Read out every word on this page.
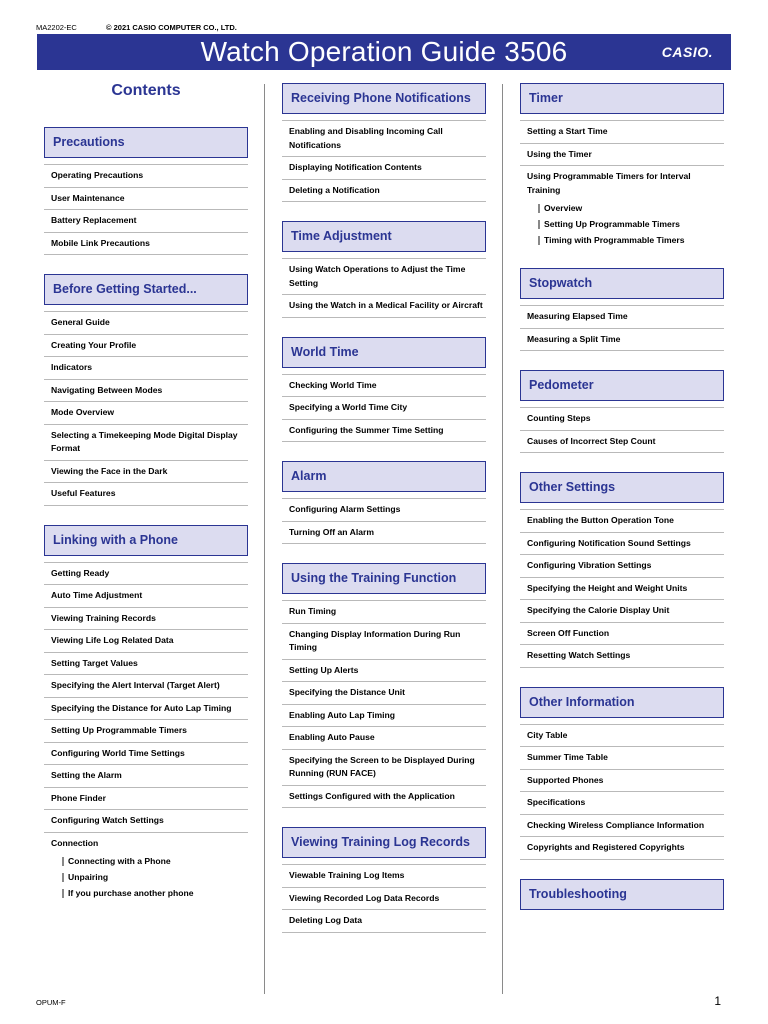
MA2202-EC	© 2021 CASIO COMPUTER CO., LTD.
Watch Operation Guide 3506	CASIO.
Contents
Precautions
Operating Precautions
User Maintenance
Battery Replacement
Mobile Link Precautions
Before Getting Started...
General Guide
Creating Your Profile
Indicators
Navigating Between Modes
Mode Overview
Selecting a Timekeeping Mode Digital Display Format
Viewing the Face in the Dark
Useful Features
Linking with a Phone
Getting Ready
Auto Time Adjustment
Viewing Training Records
Viewing Life Log Related Data
Setting Target Values
Specifying the Alert Interval (Target Alert)
Specifying the Distance for Auto Lap Timing
Setting Up Programmable Timers
Configuring World Time Settings
Setting the Alarm
Phone Finder
Configuring Watch Settings
Connection
Connecting with a Phone
Unpairing
If you purchase another phone
Receiving Phone Notifications
Enabling and Disabling Incoming Call Notifications
Displaying Notification Contents
Deleting a Notification
Time Adjustment
Using Watch Operations to Adjust the Time Setting
Using the Watch in a Medical Facility or Aircraft
World Time
Checking World Time
Specifying a World Time City
Configuring the Summer Time Setting
Alarm
Configuring Alarm Settings
Turning Off an Alarm
Using the Training Function
Run Timing
Changing Display Information During Run Timing
Setting Up Alerts
Specifying the Distance Unit
Enabling Auto Lap Timing
Enabling Auto Pause
Specifying the Screen to be Displayed During Running (RUN FACE)
Settings Configured with the Application
Viewing Training Log Records
Viewable Training Log Items
Viewing Recorded Log Data Records
Deleting Log Data
Timer
Setting a Start Time
Using the Timer
Using Programmable Timers for Interval Training
Overview
Setting Up Programmable Timers
Timing with Programmable Timers
Stopwatch
Measuring Elapsed Time
Measuring a Split Time
Pedometer
Counting Steps
Causes of Incorrect Step Count
Other Settings
Enabling the Button Operation Tone
Configuring Notification Sound Settings
Configuring Vibration Settings
Specifying the Height and Weight Units
Specifying the Calorie Display Unit
Screen Off Function
Resetting Watch Settings
Other Information
City Table
Summer Time Table
Supported Phones
Specifications
Checking Wireless Compliance Information
Copyrights and Registered Copyrights
Troubleshooting
OPUM-F	1
